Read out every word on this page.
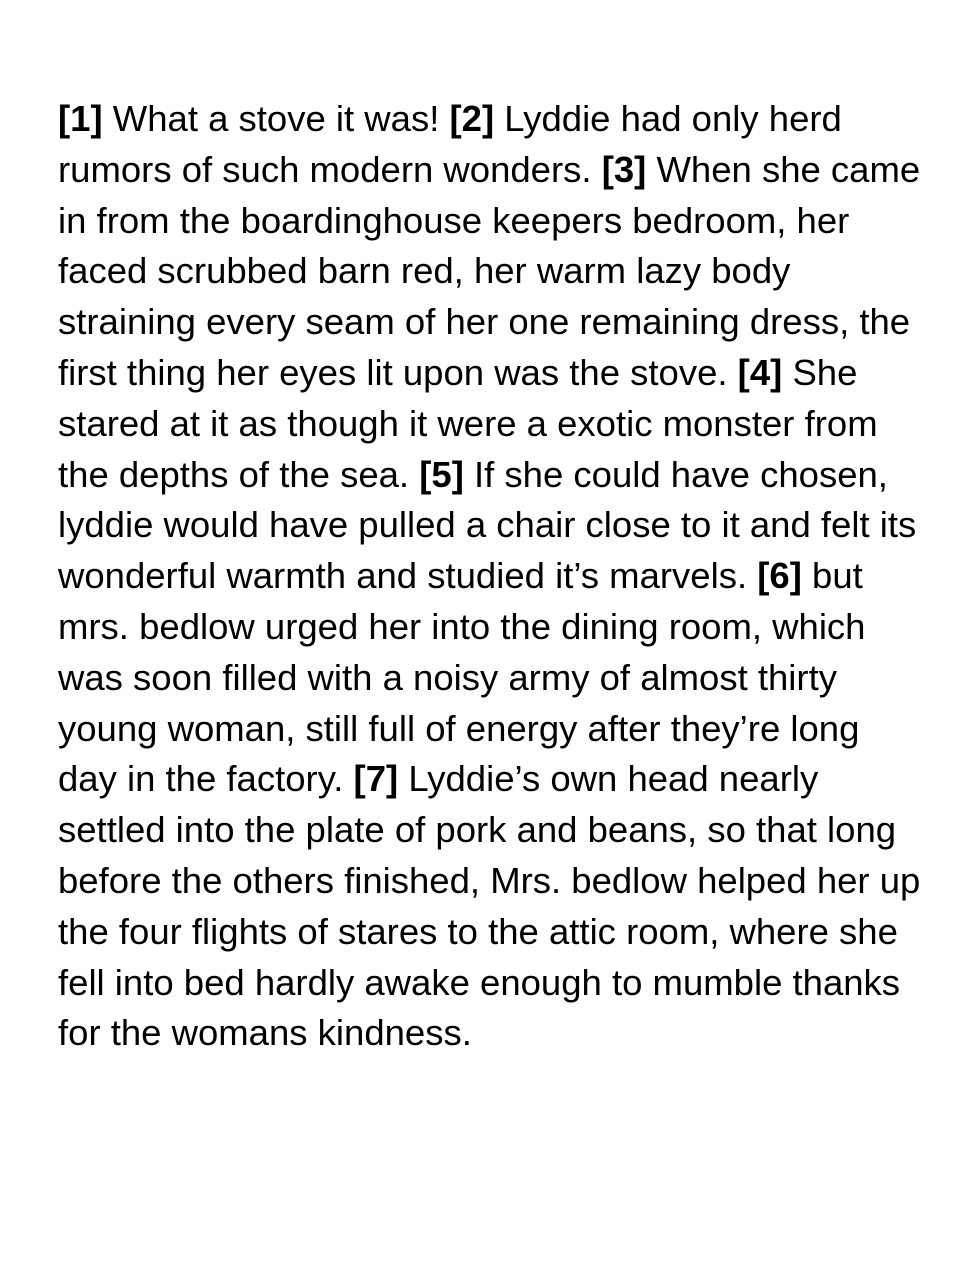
[1] What a stove it was! [2] Lyddie had only herd rumors of such modern wonders. [3] When she came in from the boardinghouse keepers bedroom, her faced scrubbed barn red, her warm lazy body straining every seam of her one remaining dress, the first thing her eyes lit upon was the stove. [4] She stared at it as though it were a exotic monster from the depths of the sea. [5] If she could have chosen, lyddie would have pulled a chair close to it and felt its wonderful warmth and studied it’s marvels. [6] but mrs. bedlow urged her into the dining room, which was soon filled with a noisy army of almost thirty young woman, still full of energy after they’re long day in the factory. [7] Lyddie’s own head nearly settled into the plate of pork and beans, so that long before the others finished, Mrs. bedlow helped her up the four flights of stares to the attic room, where she fell into bed hardly awake enough to mumble thanks for the womans kindness.
